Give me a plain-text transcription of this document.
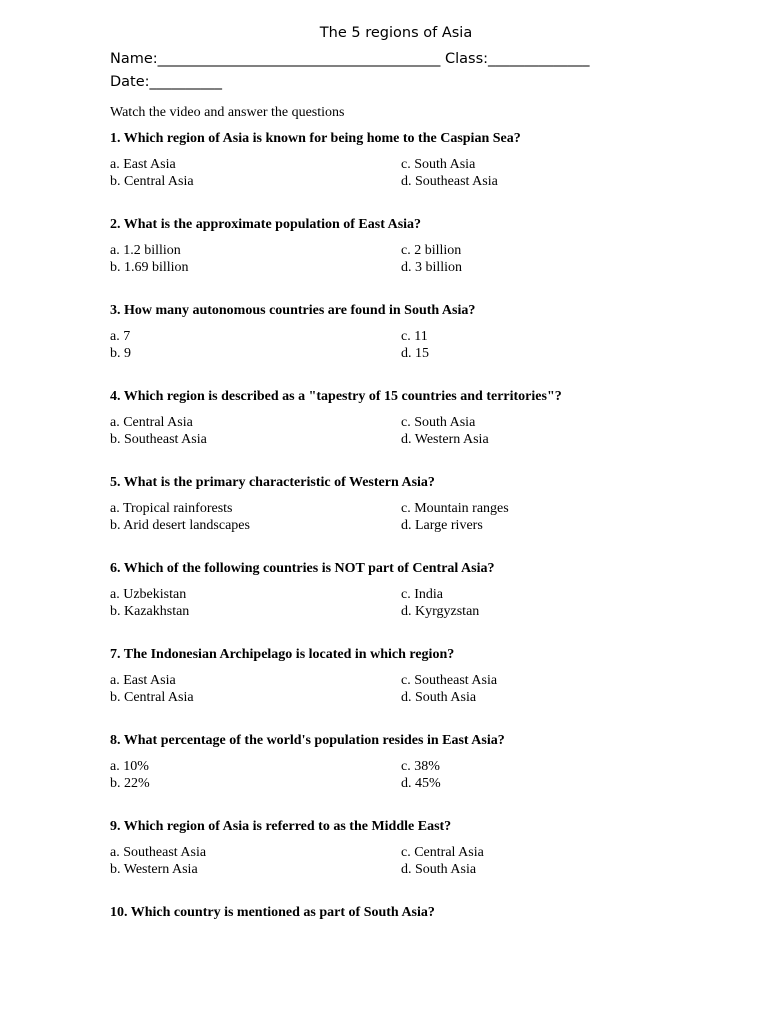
The 5 regions of Asia
Name:_______________________________________ Class:______________ Date:__________
Watch the video and answer the questions
1. Which region of Asia is known for being home to the Caspian Sea?
a. East Asia
b. Central Asia
c. South Asia
d. Southeast Asia
2. What is the approximate population of East Asia?
a. 1.2 billion
b. 1.69 billion
c. 2 billion
d. 3 billion
3. How many autonomous countries are found in South Asia?
a. 7
b. 9
c. 11
d. 15
4. Which region is described as a "tapestry of 15 countries and territories"?
a. Central Asia
b. Southeast Asia
c. South Asia
d. Western Asia
5. What is the primary characteristic of Western Asia?
a. Tropical rainforests
b. Arid desert landscapes
c. Mountain ranges
d. Large rivers
6. Which of the following countries is NOT part of Central Asia?
a. Uzbekistan
b. Kazakhstan
c. India
d. Kyrgyzstan
7. The Indonesian Archipelago is located in which region?
a. East Asia
b. Central Asia
c. Southeast Asia
d. South Asia
8. What percentage of the world's population resides in East Asia?
a. 10%
b. 22%
c. 38%
d. 45%
9. Which region of Asia is referred to as the Middle East?
a. Southeast Asia
b. Western Asia
c. Central Asia
d. South Asia
10. Which country is mentioned as part of South Asia?
